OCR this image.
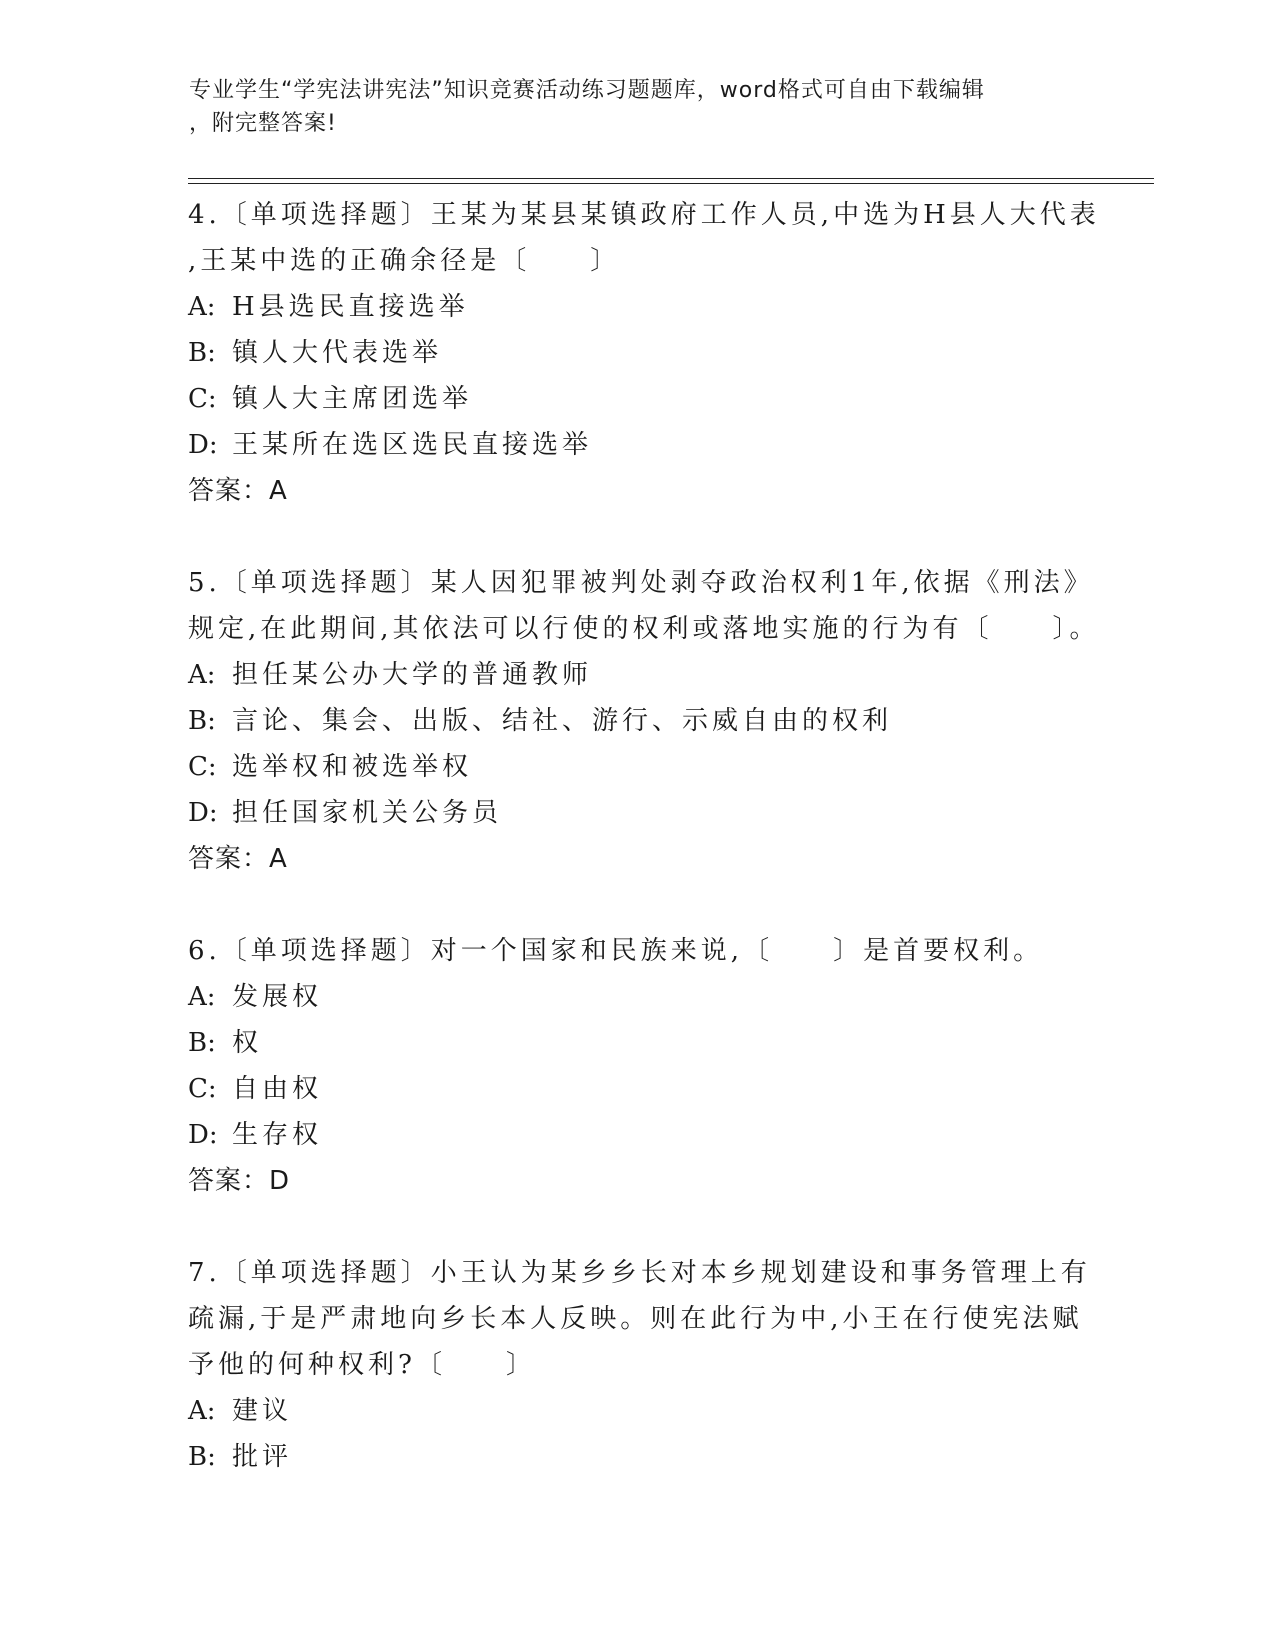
专业学生“学宪法讲宪法”知识竞赛活动练习题题库，word格式可自由下载编辑
，附完整答案!
4.〔单项选择题〕王某为某县某镇政府工作人员,中选为H县人大代表
,王某中选的正确余径是〔　　〕
A: H县选民直接选举
B: 镇人大代表选举
C: 镇人大主席团选举
D: 王某所在选区选民直接选举
答案：A
5.〔单项选择题〕某人因犯罪被判处剥夺政治权利1年,依据《刑法》
规定,在此期间,其依法可以行使的权利或落地实施的行为有〔　　〕。
A: 担任某公办大学的普通教师
B: 言论、集会、出版、结社、游行、示威自由的权利
C: 选举权和被选举权
D: 担任国家机关公务员
答案：A
6.〔单项选择题〕对一个国家和民族来说,〔　　〕是首要权利。
A: 发展权
B: 权
C: 自由权
D: 生存权
答案：D
7.〔单项选择题〕小王认为某乡乡长对本乡规划建设和事务管理上有
疏漏,于是严肃地向乡长本人反映。则在此行为中,小王在行使宪法赋
予他的何种权利?〔　　〕
A: 建议
B: 批评
